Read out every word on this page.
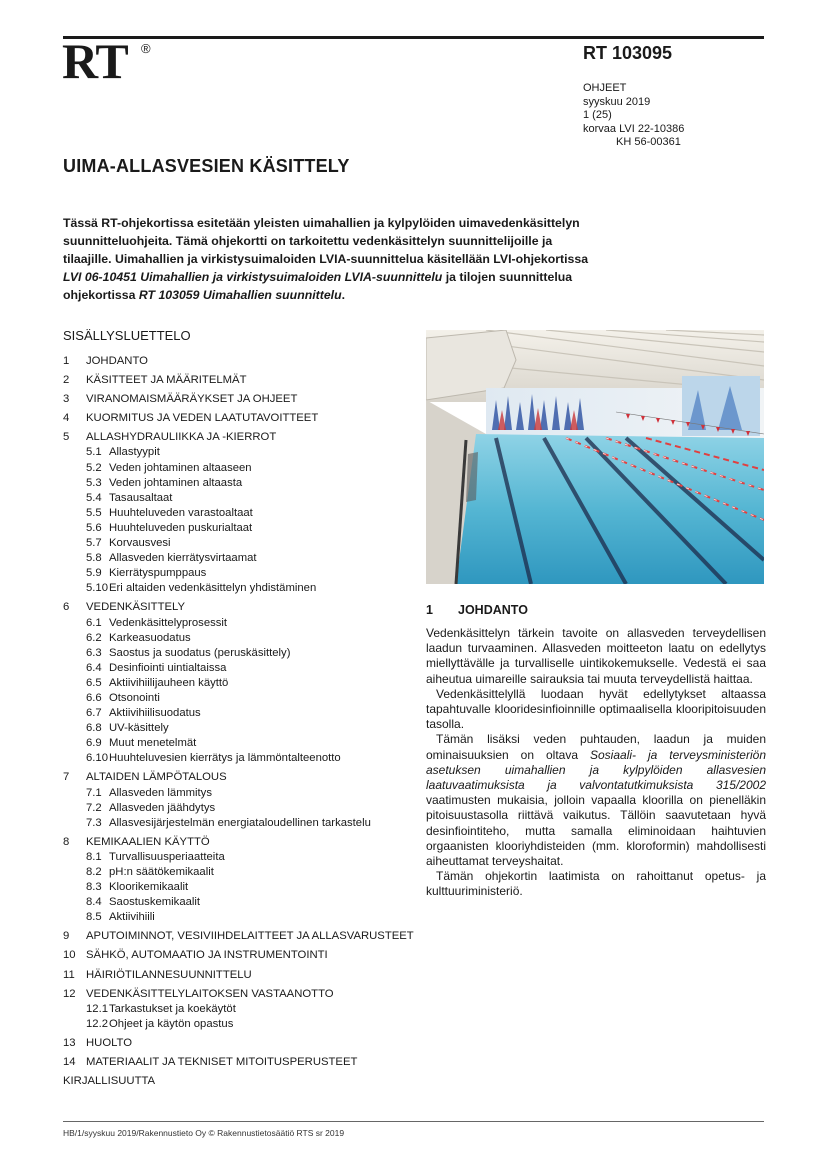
RT ®	RT 103095
OHJEET
syyskuu 2019
1 (25)
korvaa LVI 22-10386
KH 56-00361
UIMA-ALLASVESIEN KÄSITTELY
Tässä RT-ohjekortissa esitetään yleisten uimahallien ja kylpylöiden uimavedenkäsittelyn suunnitteluohjeita. Tämä ohjekortti on tarkoitettu vedenkäsittelyn suunnittelijoille ja tilaajille. Uimahallien ja virkistysuimaloiden LVIA-suunnittelua käsitellään LVI-ohjekortissa LVI 06-10451 Uimahallien ja virkistysuimaloiden LVIA-suunnittelu ja tilojen suunnittelua ohjekortissa RT 103059 Uimahallien suunnittelu.
SISÄLLYSLUETTELO
1	JOHDANTO
2	KÄSITTEET JA MÄÄRITELMÄT
3	VIRANOMAISMÄÄRÄYKSET JA OHJEET
4	KUORMITUS JA VEDEN LAATUTAVOITTEET
5	ALLASHYDRAULIIKKA JA -KIERROT
5.1 Allastyypit
5.2 Veden johtaminen altaaseen
5.3 Veden johtaminen altaasta
5.4 Tasausaltaat
5.5 Huuhteluveden varastoaltaat
5.6 Huuhteluveden puskurialtaat
5.7 Korvausvesi
5.8 Allasveden kierrätysvirtaamat
5.9 Kierrätyspumppaus
5.10 Eri altaiden vedenkäsittelyn yhdistäminen
6	VEDENKÄSITTELY
6.1 Vedenkäsittelyprosessit
6.2 Karkeasuodatus
6.3 Saostus ja suodatus (peruskäsittely)
6.4 Desinfiointi uintialtaissa
6.5 Aktiivihiilijauheen käyttö
6.6 Otsonointi
6.7 Aktiivihiilisuodatus
6.8 UV-käsittely
6.9 Muut menetelmät
6.10 Huuhteluvesien kierrätys ja lämmöntalteenotto
7	ALTAIDEN LÄMPÖTALOUS
7.1 Allasveden lämmitys
7.2 Allasveden jäähdytys
7.3 Allasvesijärjestelmän energiataloudellinen tarkastelu
8	KEMIKAALIEN KÄYTTÖ
8.1 Turvallisuusperiaatteita
8.2 pH:n säätökemikaalit
8.3 Kloorikemikaalit
8.4 Saostuskemikaalit
8.5 Aktiivihiili
9	APUTOIMINNOT, VESIVIIHDELAITTEET JA ALLASVARUSTEET
10 SÄHKÖ, AUTOMAATIO JA INSTRUMENTOINTI
11 HÄIRIÖTILANNESUUNNITTELU
12 VEDENKÄSITTELYLAITOKSEN VASTAANOTTO
12.1 Tarkastukset ja koekäytöt
12.2 Ohjeet ja käytön opastus
13 HUOLTO
14 MATERIAALIT JA TEKNISET MITOITUSPERUSTEET
KIRJALLISUUTTA
1 JOHDANTO

Vedenkäsittelyn tärkein tavoite on allasveden terveydellisen laadun turvaaminen. Allasveden moitteeton laatu on edellytys miellyttävälle ja turvalliselle uintikokemukselle. Vedestä ei saa aiheutua uimareille sairauksia tai muuta terveydellistä haittaa.

Vedenkäsittelyllä luodaan hyvät edellytykset altaassa tapahtuvalle klooridesinfioinnille optimaalisella klooripitoisuuden tasolla.

Tämän lisäksi veden puhtauden, laadun ja muiden ominaisuuksien on oltava Sosiaali- ja terveysministeriön asetuksen uimahallien ja kylpylöiden allasvesien laatuvaatimuksista ja valvontatutkimuksista 315/2002 vaatimusten mukaisia, jolloin vapaalla kloorilla on pienelläkin pitoisuustasolla riittävä vaikutus. Tällöin saavutetaan hyvä desinfiointiteho, mutta samalla eliminoidaan haihtuvien orgaanisten klooriyhdisteiden (mm. kloroformin) mahdollisesti aiheuttamat terveyshaitat.

Tämän ohjekortin laatimista on rahoittanut opetus- ja kulttuuriministeriö.

HB/1/syyskuu 2019/Rakennustieto Oy © Rakennustietosäätiö RTS sr 2019
